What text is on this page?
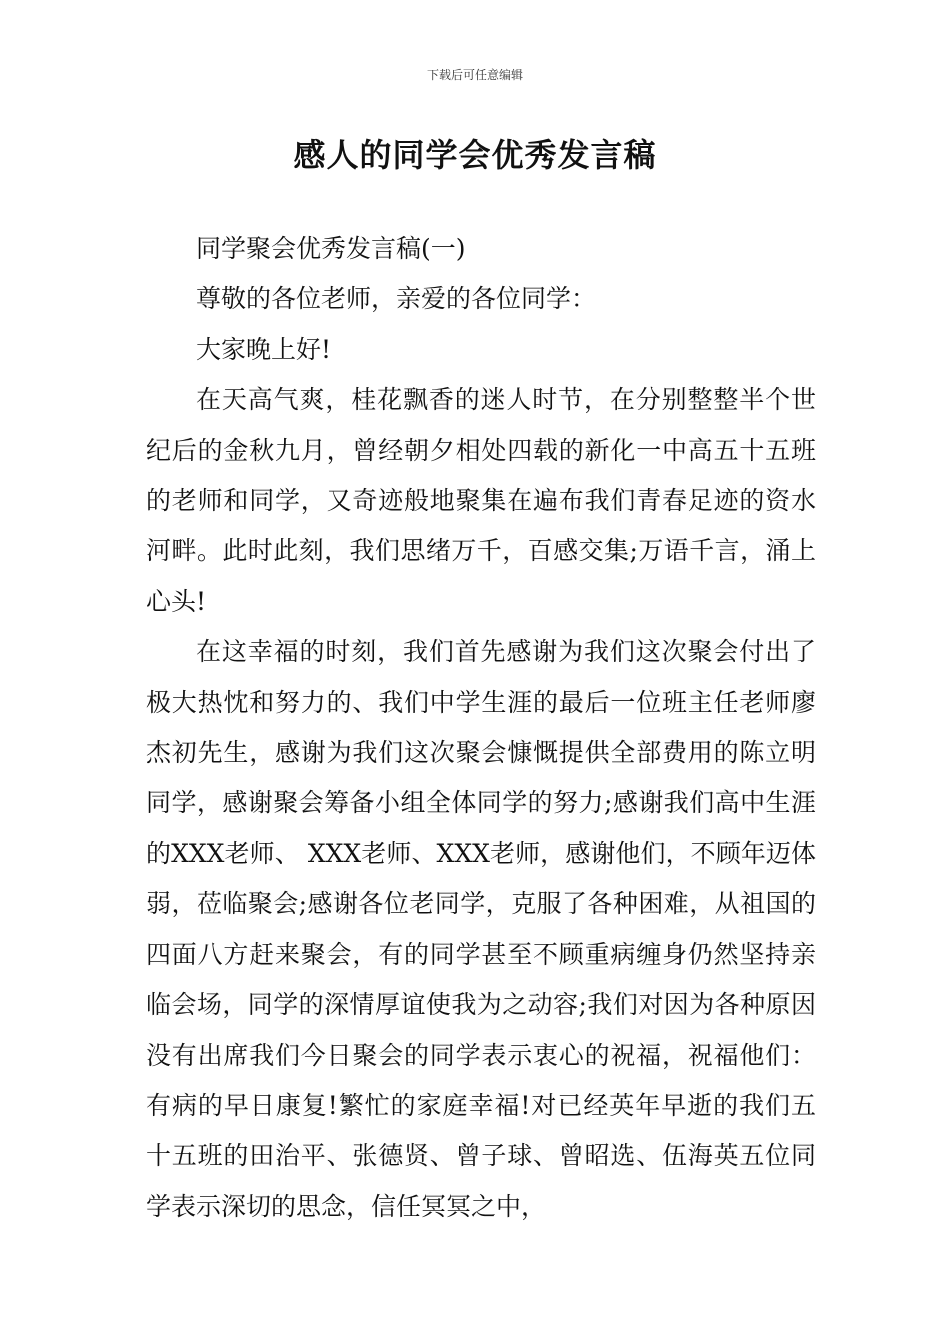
下载后可任意编辑
感人的同学会优秀发言稿

同学聚会优秀发言稿(一)

尊敬的各位老师，亲爱的各位同学：

大家晚上好!

在天高气爽，桂花飘香的迷人时节，在分别整整半个世纪后的金秋九月，曾经朝夕相处四载的新化一中高五十五班的老师和同学，又奇迹般地聚集在遍布我们青春足迹的资水河畔。此时此刻，我们思绪万千，百感交集;万语千言，涌上心头!

在这幸福的时刻，我们首先感谢为我们这次聚会付出了极大热忱和努力的、我们中学生涯的最后一位班主任老师廖杰初先生，感谢为我们这次聚会慷慨提供全部费用的陈立明同学，感谢聚会筹备小组全体同学的努力;感谢我们高中生涯的XXX老师、 XXX老师、XXX老师，感谢他们，不顾年迈体弱，莅临聚会;感谢各位老同学，克服了各种困难，从祖国的四面八方赶来聚会，有的同学甚至不顾重病缠身仍然坚持亲临会场，同学的深情厚谊使我为之动容;我们对因为各种原因没有出席我们今日聚会的同学表示衷心的祝福，祝福他们：有病的早日康复!繁忙的家庭幸福!对已经英年早逝的我们五十五班的田治平、张德贤、曾子球、曾昭选、伍海英五位同学表示深切的思念，信任冥冥之中，
